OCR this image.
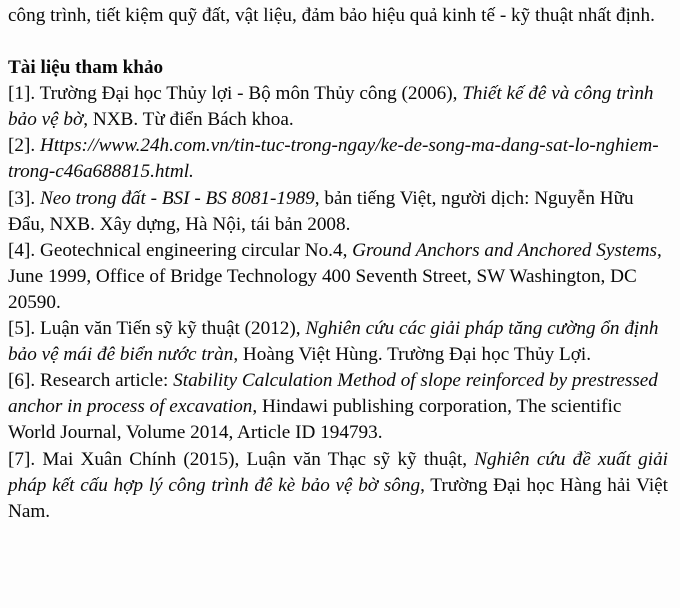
công trình, tiết kiệm quỹ đất, vật liệu, đảm bảo hiệu quả kinh tế - kỹ thuật nhất định.

Tài liệu tham khảo

[1]. Trường Đại học Thủy lợi - Bộ môn Thủy công (2006), Thiết kế đê và công trình bảo vệ bờ, NXB. Từ điển Bách khoa.

[2]. Https://www.24h.com.vn/tin-tuc-trong-ngay/ke-de-song-ma-dang-sat-lo-nghiem-trong-c46a688815.html.

[3]. Neo trong đất - BSI - BS 8081-1989, bản tiếng Việt, người dịch: Nguyễn Hữu Đẩu, NXB. Xây dựng, Hà Nội, tái bản 2008.

[4]. Geotechnical engineering circular No.4, Ground Anchors and Anchored Systems, June 1999, Office of Bridge Technology 400 Seventh Street, SW Washington, DC 20590.

[5]. Luận văn Tiến sỹ kỹ thuật (2012), Nghiên cứu các giải pháp tăng cường ổn định bảo vệ mái đê biển nước tràn, Hoàng Việt Hùng. Trường Đại học Thủy Lợi.

[6]. Research article: Stability Calculation Method of slope reinforced by prestressed anchor in process of excavation, Hindawi publishing corporation, The scientific World Journal, Volume 2014, Article ID 194793.

[7]. Mai Xuân Chính (2015), Luận văn Thạc sỹ kỹ thuật, Nghiên cứu đề xuất giải pháp kết cấu hợp lý công trình đê kè bảo vệ bờ sông, Trường Đại học Hàng hải Việt Nam.
